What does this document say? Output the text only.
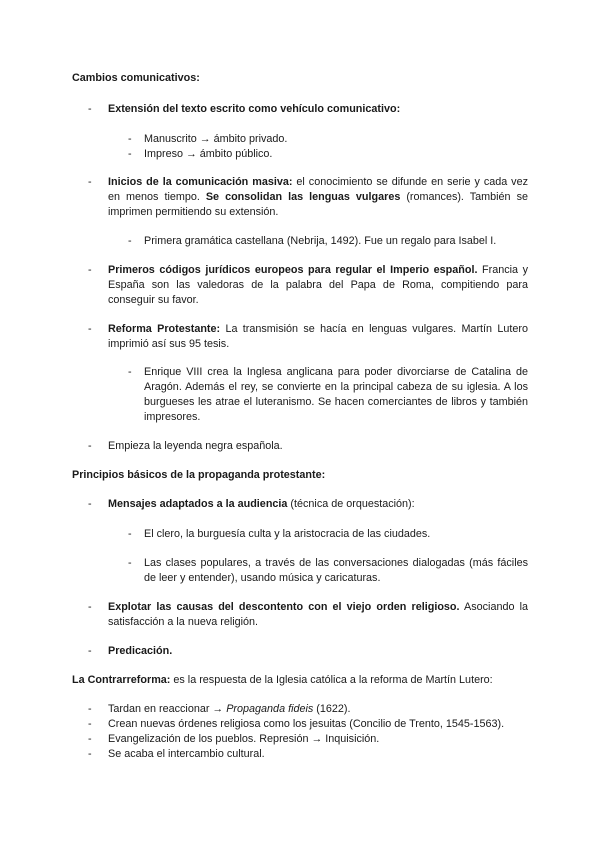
Cambios comunicativos:
- Extensión del texto escrito como vehículo comunicativo:
- Manuscrito → ámbito privado.
- Impreso → ámbito público.
- Inicios de la comunicación masiva: el conocimiento se difunde en serie y cada vez en menos tiempo. Se consolidan las lenguas vulgares (romances). También se imprimen permitiendo su extensión.
- Primera gramática castellana (Nebrija, 1492). Fue un regalo para Isabel I.
- Primeros códigos jurídicos europeos para regular el Imperio español. Francia y España son las valedoras de la palabra del Papa de Roma, compitiendo para conseguir su favor.
- Reforma Protestante: La transmisión se hacía en lenguas vulgares. Martín Lutero imprimió así sus 95 tesis.
- Enrique VIII crea la Inglesa anglicana para poder divorciarse de Catalina de Aragón. Además el rey, se convierte en la principal cabeza de su iglesia. A los burgueses les atrae el luteranismo. Se hacen comerciantes de libros y también impresores.
- Empieza la leyenda negra española.
Principios básicos de la propaganda protestante:
- Mensajes adaptados a la audiencia (técnica de orquestación):
- El clero, la burguesía culta y la aristocracia de las ciudades.
- Las clases populares, a través de las conversaciones dialogadas (más fáciles de leer y entender), usando música y caricaturas.
- Explotar las causas del descontento con el viejo orden religioso. Asociando la satisfacción a la nueva religión.
- Predicación.
La Contrarreforma: es la respuesta de la Iglesia católica a la reforma de Martín Lutero:
- Tardan en reaccionar → Propaganda fideis (1622).
- Crean nuevas órdenes religiosa como los jesuitas (Concilio de Trento, 1545-1563).
- Evangelización de los pueblos. Represión → Inquisición.
- Se acaba el intercambio cultural.
